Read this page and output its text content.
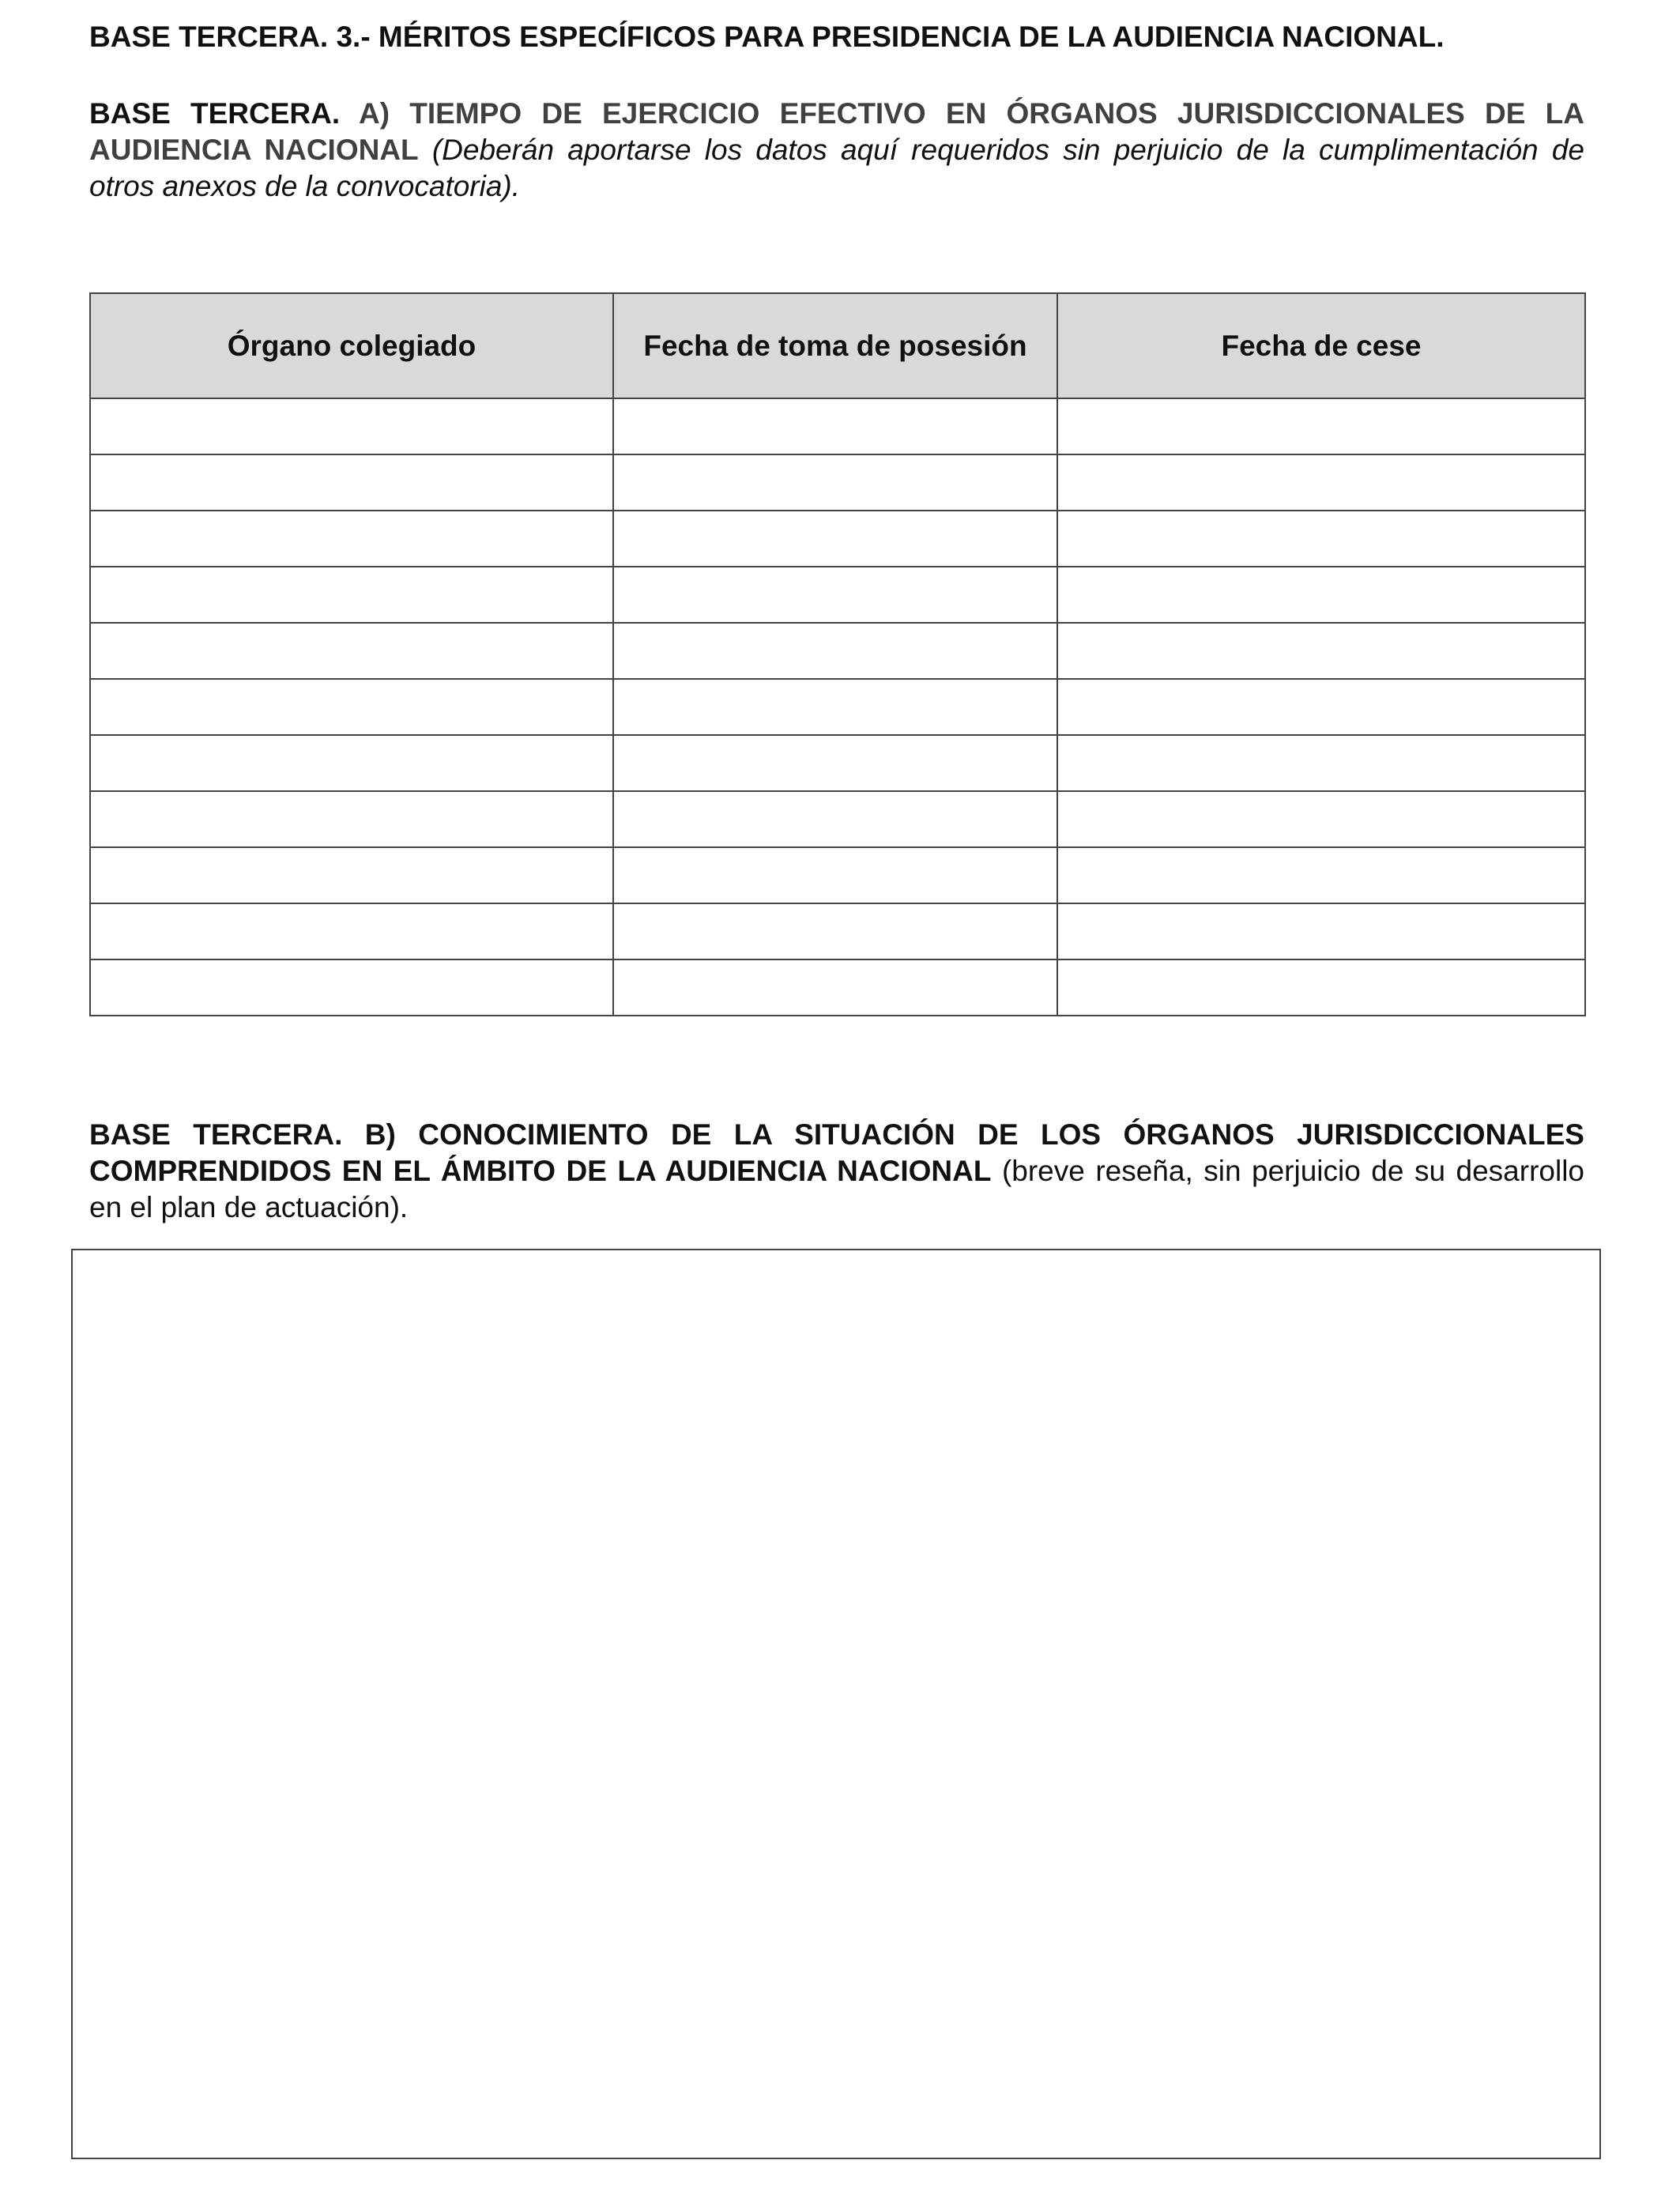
BASE TERCERA. 3.- MÉRITOS ESPECÍFICOS PARA PRESIDENCIA DE LA AUDIENCIA NACIONAL.
BASE TERCERA. A) TIEMPO DE EJERCICIO EFECTIVO EN ÓRGANOS JURISDICCIONALES DE LA AUDIENCIA NACIONAL (Deberán aportarse los datos aquí requeridos sin perjuicio de la cumplimentación de otros anexos de la convocatoria).
Órgano colegiado	Fecha de toma de posesión	Fecha de cese

BASE TERCERA. B) CONOCIMIENTO DE LA SITUACIÓN DE LOS ÓRGANOS JURISDICCIONALES COMPRENDIDOS EN EL ÁMBITO DE LA AUDIENCIA NACIONAL (breve reseña, sin perjuicio de su desarrollo en el plan de actuación).
